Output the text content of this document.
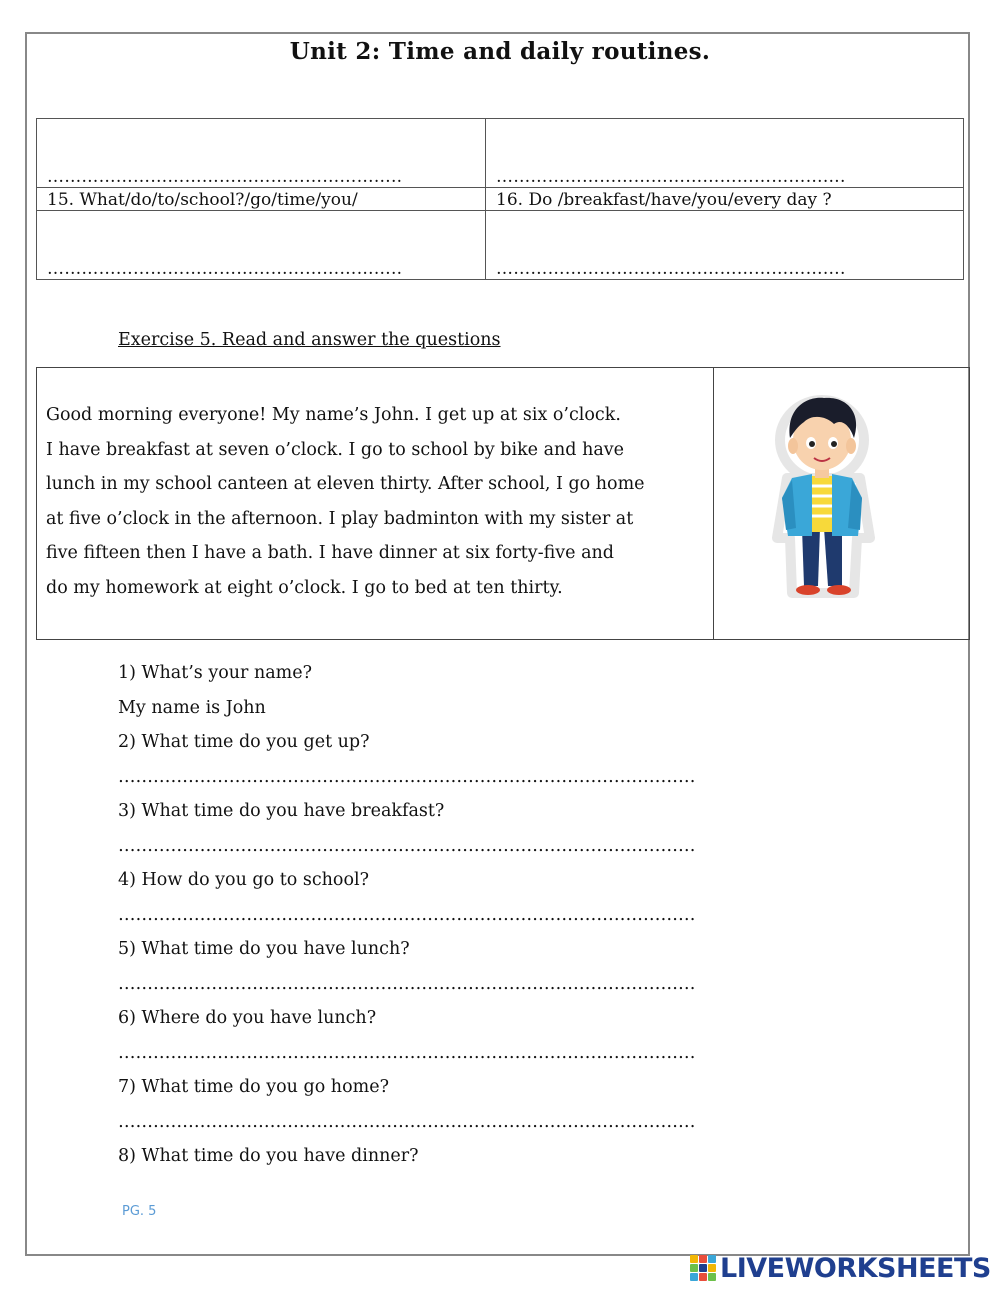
Unit 2: Time and daily routines.
……………………………………………………..	…………………………………………………….

15. What/do/to/school?/go/time/you/	16. Do /breakfast/have/you/every day ?

……………………………………………………..	…………………………………………………….
Exercise 5. Read and answer the questions

Good morning everyone! My name’s John. I get up at six o’clock.

I have breakfast at seven o’clock. I go to school by bike and have

lunch in my school canteen at eleven thirty. After school, I go home

at five o’clock in the afternoon. I play badminton with my sister at

five fifteen then I have a bath. I have dinner at six forty-five and

do my homework at eight o’clock. I go to bed at ten thirty.

1) What’s your name?
My name is John
2) What time do you get up?
………………………………………………………………………………………
3) What time do you have breakfast?
………………………………………………………………………………………
4) How do you go to school?
………………………………………………………………………………………
5) What time do you have lunch?
………………………………………………………………………………………
6) Where do you have lunch?
………………………………………………………………………………………
7) What time do you go home?
………………………………………………………………………………………
8) What time do you have dinner?
PG. 5
LIVEWORKSHEETS
